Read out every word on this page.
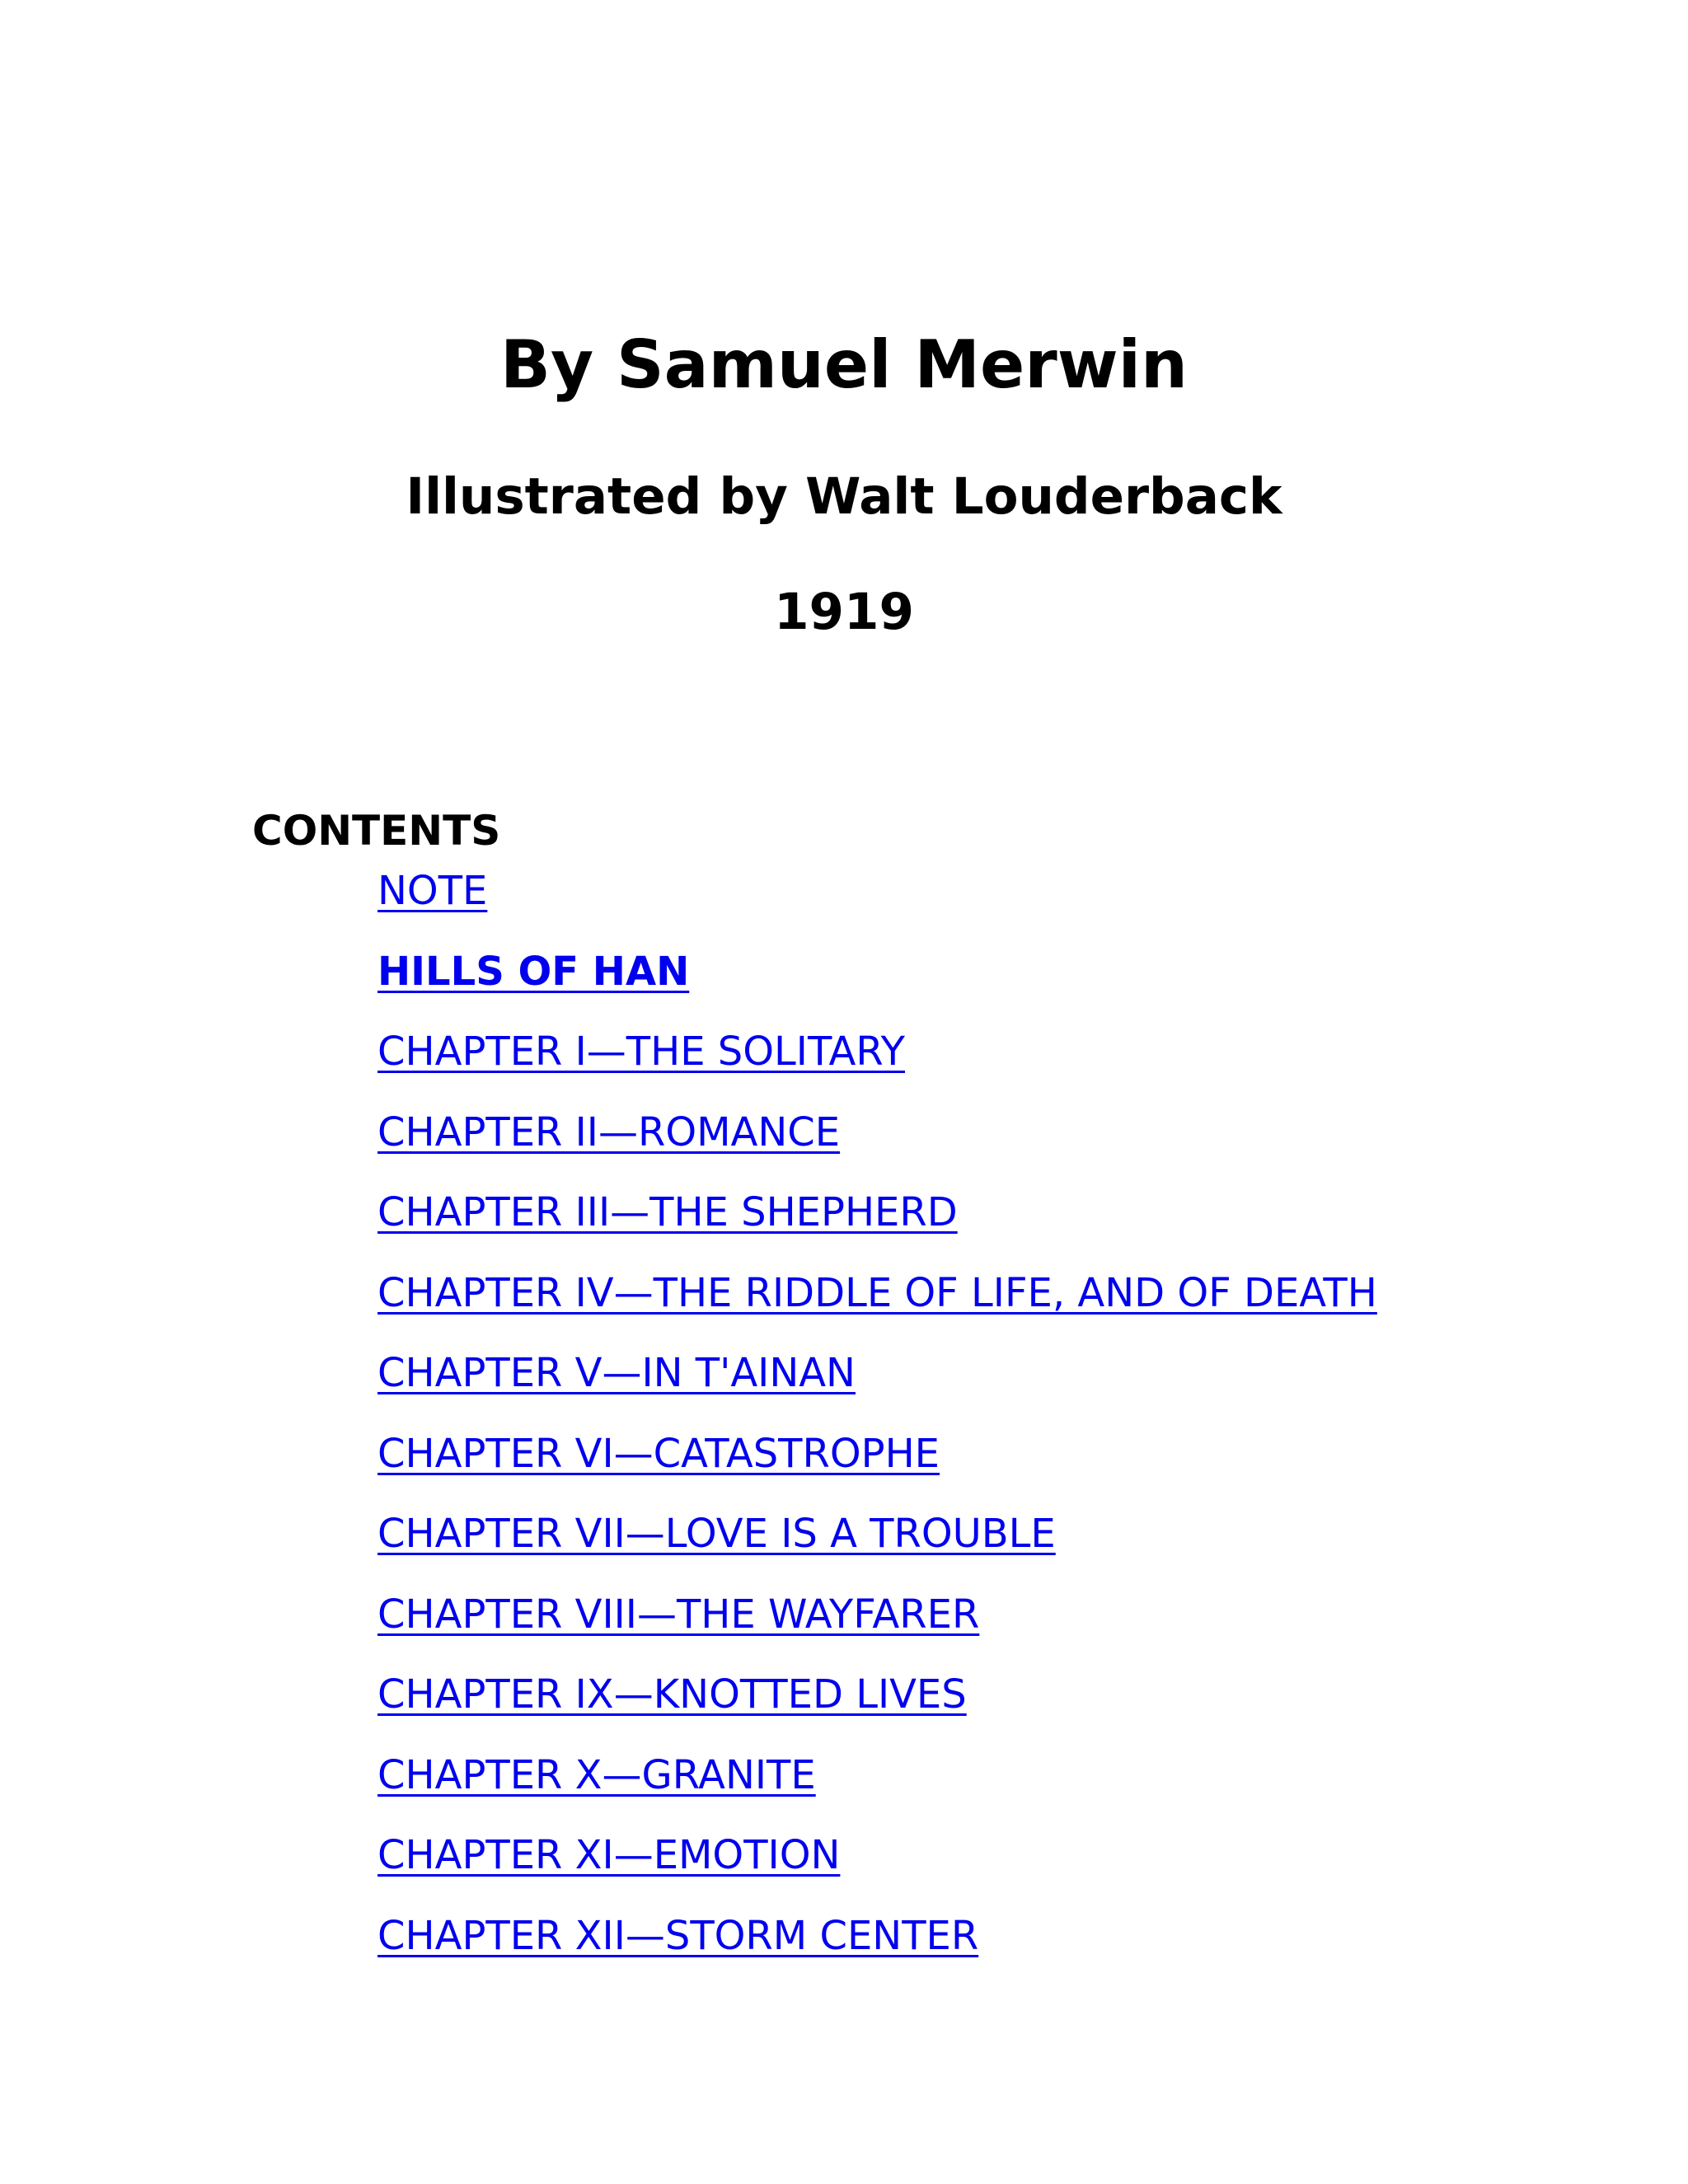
By Samuel Merwin
Illustrated by Walt Louderback
1919

CONTENTS

NOTE
HILLS OF HAN
CHAPTER I—THE SOLITARY
CHAPTER II—ROMANCE
CHAPTER III—THE SHEPHERD
CHAPTER IV—THE RIDDLE OF LIFE, AND OF DEATH
CHAPTER V—IN T'AINAN
CHAPTER VI—CATASTROPHE
CHAPTER VII—LOVE IS A TROUBLE
CHAPTER VIII—THE WAYFARER
CHAPTER IX—KNOTTED LIVES
CHAPTER X—GRANITE
CHAPTER XI—EMOTION
CHAPTER XII—STORM CENTER
